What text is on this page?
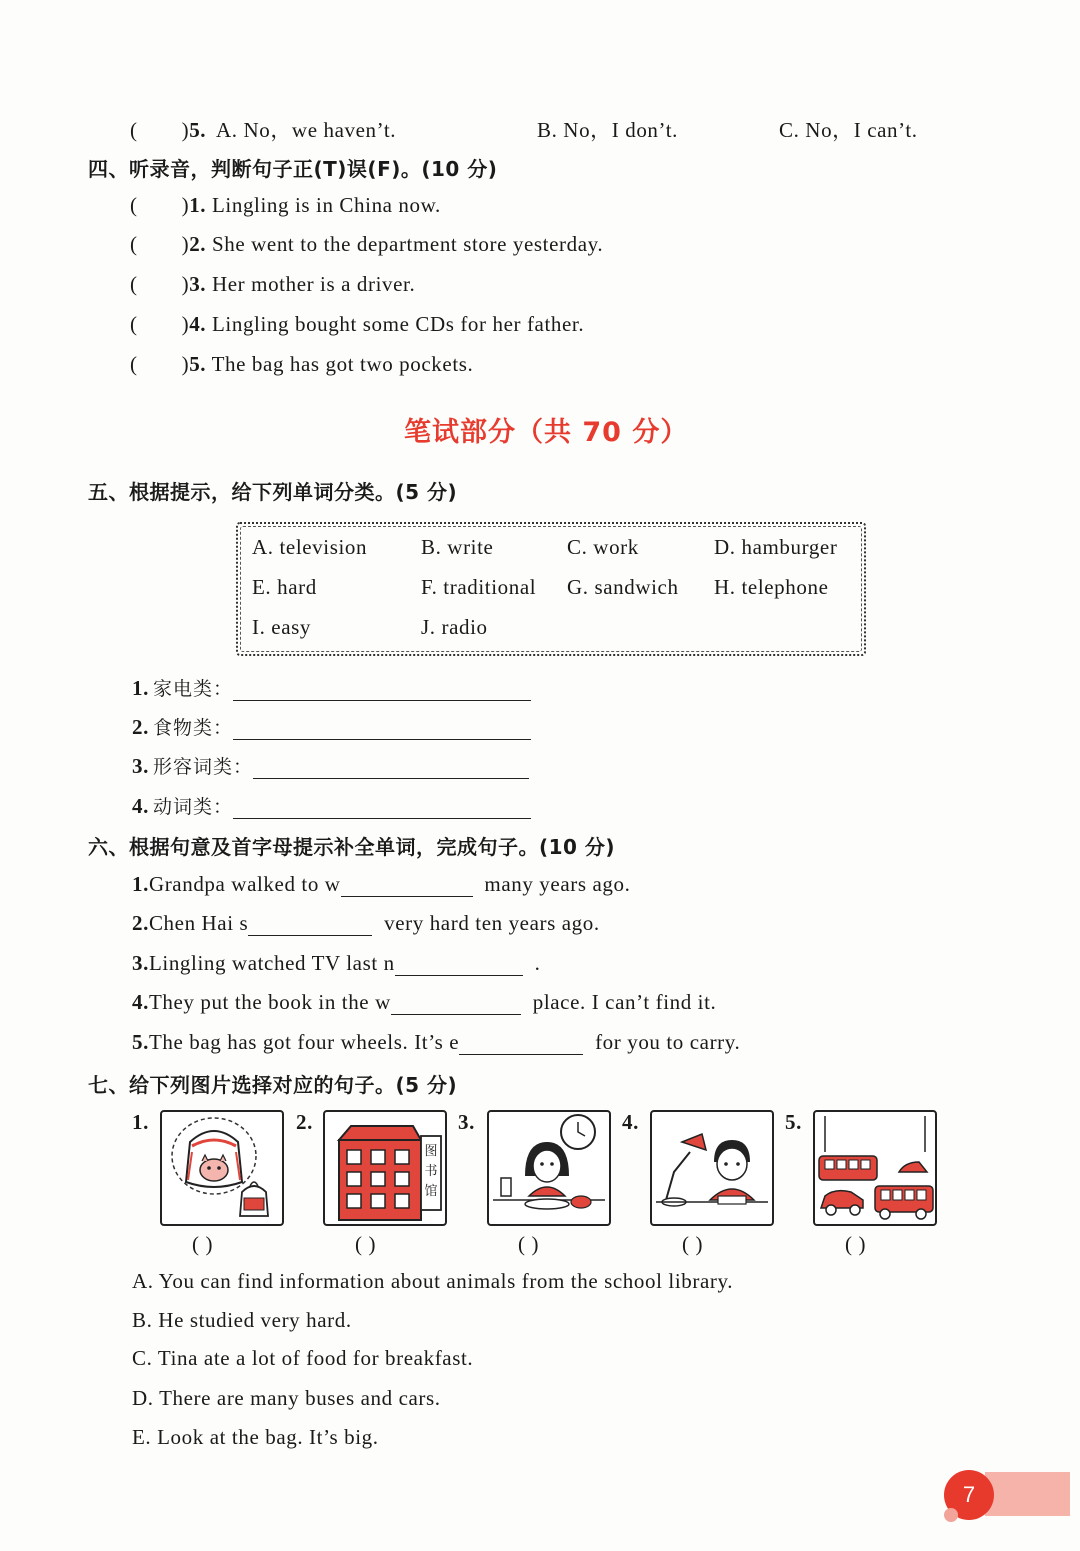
( )5. A. No，we haven’t.	B. No，I don’t.	C. No，I can’t.
四、听录音，判断句子正(T)误(F)。(10 分)
( )1. Lingling is in China now.
( )2. She went to the department store yesterday.
( )3. Her mother is a driver.
( )4. Lingling bought some CDs for her father.
( )5. The bag has got two pockets.
笔试部分（共 70 分）
五、根据提示，给下列单词分类。(5 分)
A. television	B. write	C. work	D. hamburger
E. hard	F. traditional G. sandwich H. telephone
I. easy	J. radio
1. 家电类：
2. 食物类：
3. 形容词类：
4. 动词类：
六、根据句意及首字母提示补全单词，完成句子。(10 分)
1.Grandpa walked to w	many years ago.
2.Chen Hai s	very hard ten years ago.
3.Lingling watched TV last n	.
4.They put the book in the w	place. I can’t find it.
5.The bag has got four wheels. It’s e	for you to carry.
七、给下列图片选择对应的句子。(5 分)
1.	2.
图书馆
3.	4.	5.
( )	( )	( )	( )	( )
A. You can find information about animals from the school library.
B. He studied very hard.
C. Tina ate a lot of food for breakfast.
D. There are many buses and cars.
E. Look at the bag. It’s big.
7
